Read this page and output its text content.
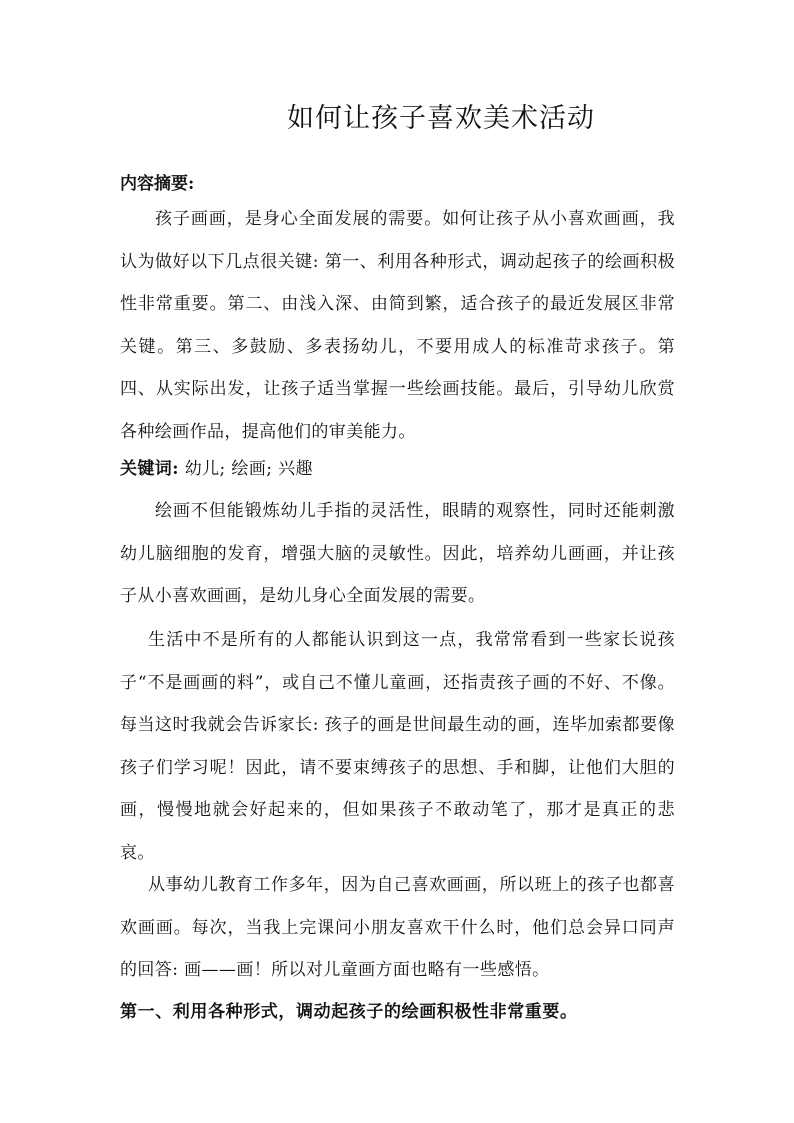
如何让孩子喜欢美术活动
内容摘要:

孩子画画，是身心全面发展的需要。如何让孩子从小喜欢画画，我认为做好以下几点很关键: 第一、利用各种形式，调动起孩子的绘画积极性非常重要。第二、由浅入深、由简到繁，适合孩子的最近发展区非常关键。第三、多鼓励、多表扬幼儿，不要用成人的标准苛求孩子。第四、从实际出发，让孩子适当掌握一些绘画技能。最后，引导幼儿欣赏各种绘画作品，提高他们的审美能力。

关键词: 幼儿; 绘画; 兴趣

绘画不但能锻炼幼儿手指的灵活性，眼睛的观察性，同时还能刺激幼儿脑细胞的发育，增强大脑的灵敏性。因此，培养幼儿画画，并让孩子从小喜欢画画，是幼儿身心全面发展的需要。

生活中不是所有的人都能认识到这一点，我常常看到一些家长说孩子“不是画画的料”，或自己不懂儿童画，还指责孩子画的不好、不像。每当这时我就会告诉家长: 孩子的画是世间最生动的画，连毕加索都要像孩子们学习呢！因此，请不要束缚孩子的思想、手和脚，让他们大胆的画，慢慢地就会好起来的，但如果孩子不敢动笔了，那才是真正的悲哀。

从事幼儿教育工作多年，因为自己喜欢画画，所以班上的孩子也都喜欢画画。每次，当我上完课问小朋友喜欢干什么时，他们总会异口同声的回答: 画——画！所以对儿童画方面也略有一些感悟。

第一、利用各种形式，调动起孩子的绘画积极性非常重要。
